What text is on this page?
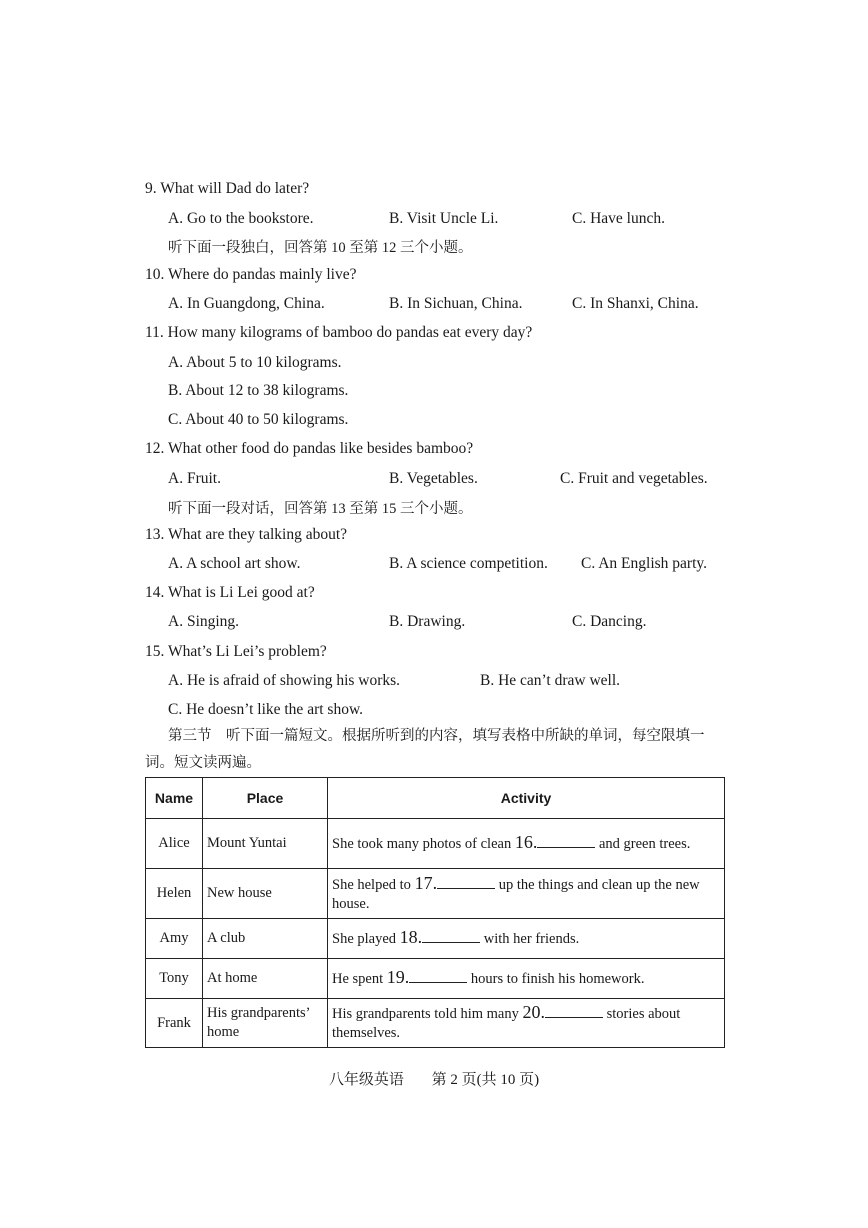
9. What will Dad do later?
A. Go to the bookstore.	B. Visit Uncle Li.	C. Have lunch.
听下面一段独白，回答第 10 至第 12 三个小题。
10. Where do pandas mainly live?
A. In Guangdong, China.	B. In Sichuan, China.	C. In Shanxi, China.
11. How many kilograms of bamboo do pandas eat every day?
A. About 5 to 10 kilograms.
B. About 12 to 38 kilograms.
C. About 40 to 50 kilograms.
12. What other food do pandas like besides bamboo?
A. Fruit.	B. Vegetables.	C. Fruit and vegetables.
听下面一段对话，回答第 13 至第 15 三个小题。
13. What are they talking about?
A. A school art show.	B. A science competition. C. An English party.
14. What is Li Lei good at?
A. Singing.	B. Drawing.	C. Dancing.
15. What’s Li Lei’s problem?
A. He is afraid of showing his works.	B. He can’t draw well.
C. He doesn’t like the art show.
第三节　听下面一篇短文。根据所听到的内容，填写表格中所缺的单词，每空限填一词。短文读两遍。
Name	Place	Activity
Alice	Mount Yuntai	She took many photos of clean 16. and green trees.
Helen	New house	She helped to 17. up the things and clean up the new house.
Amy	A club	She played 18. with her friends.
Tony	At home	He spent 19. hours to finish his homework.
Frank	His grandparents’ home	His grandparents told him many 20. stories about themselves.
八年级英语 第 2 页(共 10 页)
